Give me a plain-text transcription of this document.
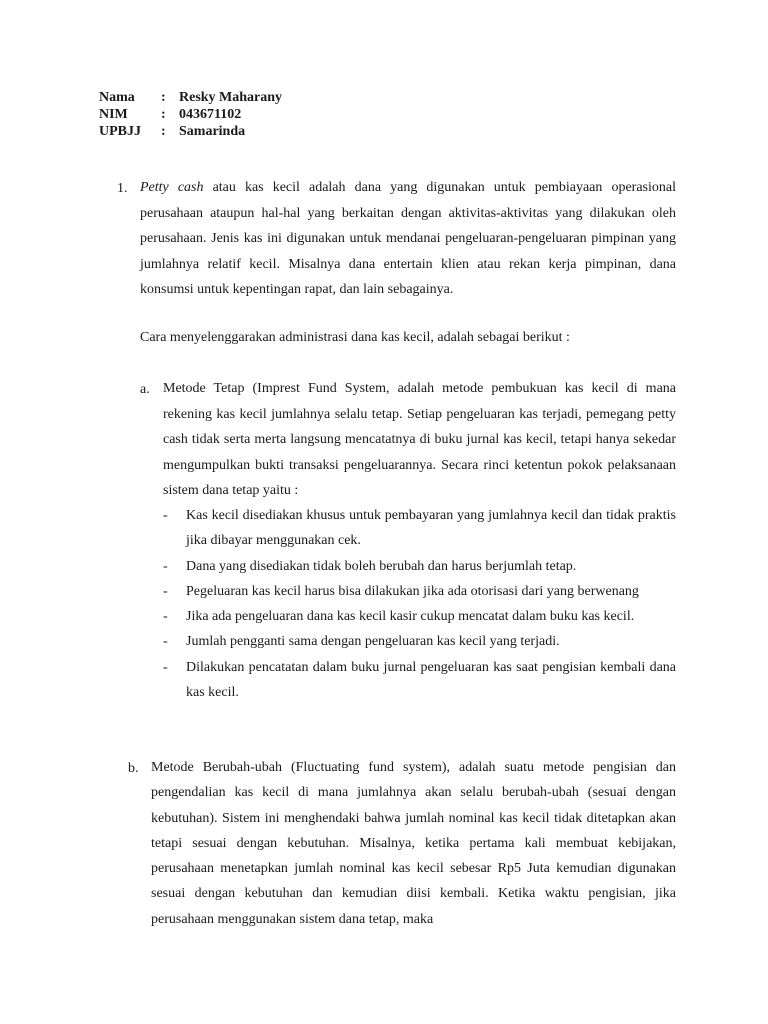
Nama	: Resky Maharany
NIM	: 043671102
UPBJJ	: Samarinda
1. Petty cash atau kas kecil adalah dana yang digunakan untuk pembiayaan operasional perusahaan ataupun hal-hal yang berkaitan dengan aktivitas-aktivitas yang dilakukan oleh perusahaan. Jenis kas ini digunakan untuk mendanai pengeluaran-pengeluaran pimpinan yang jumlahnya relatif kecil. Misalnya dana entertain klien atau rekan kerja pimpinan, dana konsumsi untuk kepentingan rapat, dan lain sebagainya.
Cara menyelenggarakan administrasi dana kas kecil, adalah sebagai berikut :
a. Metode Tetap (Imprest Fund System, adalah metode pembukuan kas kecil di mana rekening kas kecil jumlahnya selalu tetap. Setiap pengeluaran kas terjadi, pemegang petty cash tidak serta merta langsung mencatatnya di buku jurnal kas kecil, tetapi hanya sekedar mengumpulkan bukti transaksi pengeluarannya. Secara rinci ketentun pokok pelaksanaan sistem dana tetap yaitu :
-	Kas kecil disediakan khusus untuk pembayaran yang jumlahnya kecil dan tidak praktis jika dibayar menggunakan cek.
-	Dana yang disediakan tidak boleh berubah dan harus berjumlah tetap.
-	Pegeluaran kas kecil harus bisa dilakukan jika ada otorisasi dari yang berwenang
-	Jika ada pengeluaran dana kas kecil kasir cukup mencatat dalam buku kas kecil.
-	Jumlah pengganti sama dengan pengeluaran kas kecil yang terjadi.
-	Dilakukan pencatatan dalam buku jurnal pengeluaran kas saat pengisian kembali dana kas kecil.
b. Metode Berubah-ubah (Fluctuating fund system), adalah suatu metode pengisian dan pengendalian kas kecil di mana jumlahnya akan selalu berubah-ubah (sesuai dengan kebutuhan). Sistem ini menghendaki bahwa jumlah nominal kas kecil tidak ditetapkan akan tetapi sesuai dengan kebutuhan. Misalnya, ketika pertama kali membuat kebijakan, perusahaan menetapkan jumlah nominal kas kecil sebesar Rp5 Juta kemudian digunakan sesuai dengan kebutuhan dan kemudian diisi kembali. Ketika waktu pengisian, jika perusahaan menggunakan sistem dana tetap, maka
